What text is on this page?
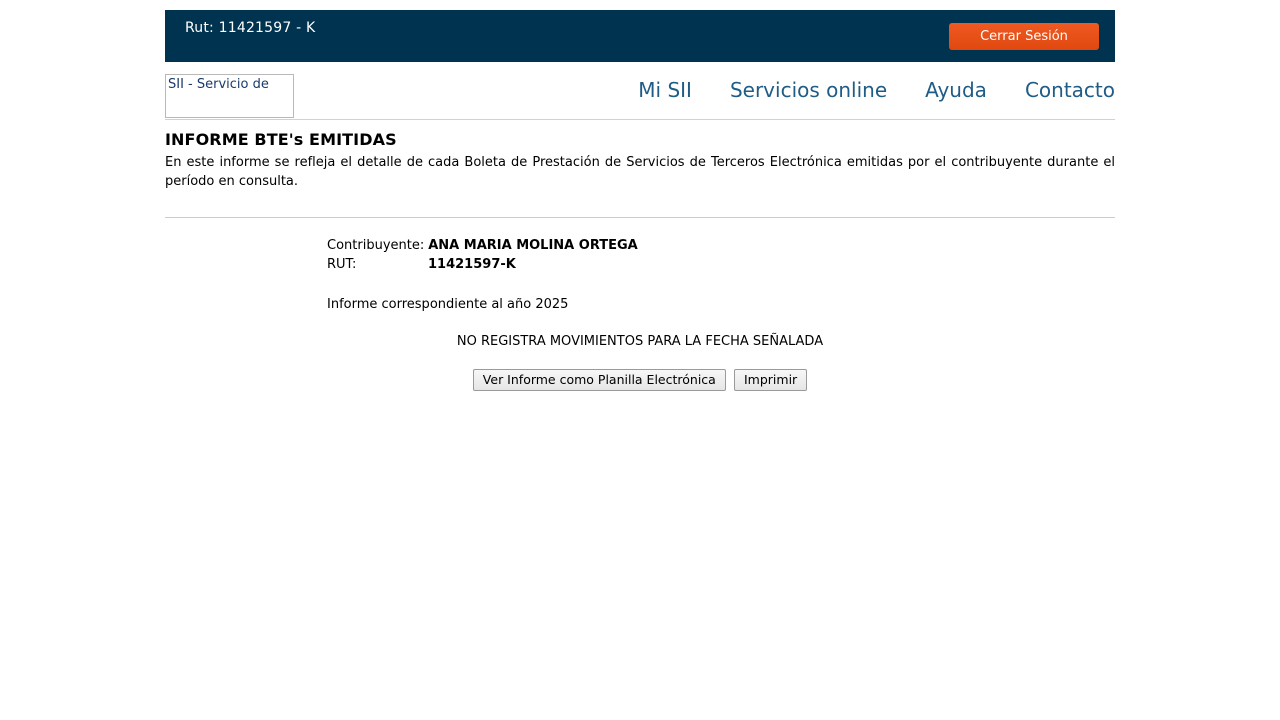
Rut: 11421597 - K
Cerrar Sesión
SII - Servicio de	Mi SII Servicios online Ayuda Contacto
INFORME BTE's EMITIDAS

En este informe se refleja el detalle de cada Boleta de Prestación de Servicios de Terceros Electrónica emitidas por el contribuyente durante el período en consulta.

Contribuyente: ANA MARIA MOLINA ORTEGA
RUT:	11421597-K
Informe correspondiente al año 2025
NO REGISTRA MOVIMIENTOS PARA LA FECHA SEÑALADA
Ver Informe como Planilla Electrónica Imprimir
